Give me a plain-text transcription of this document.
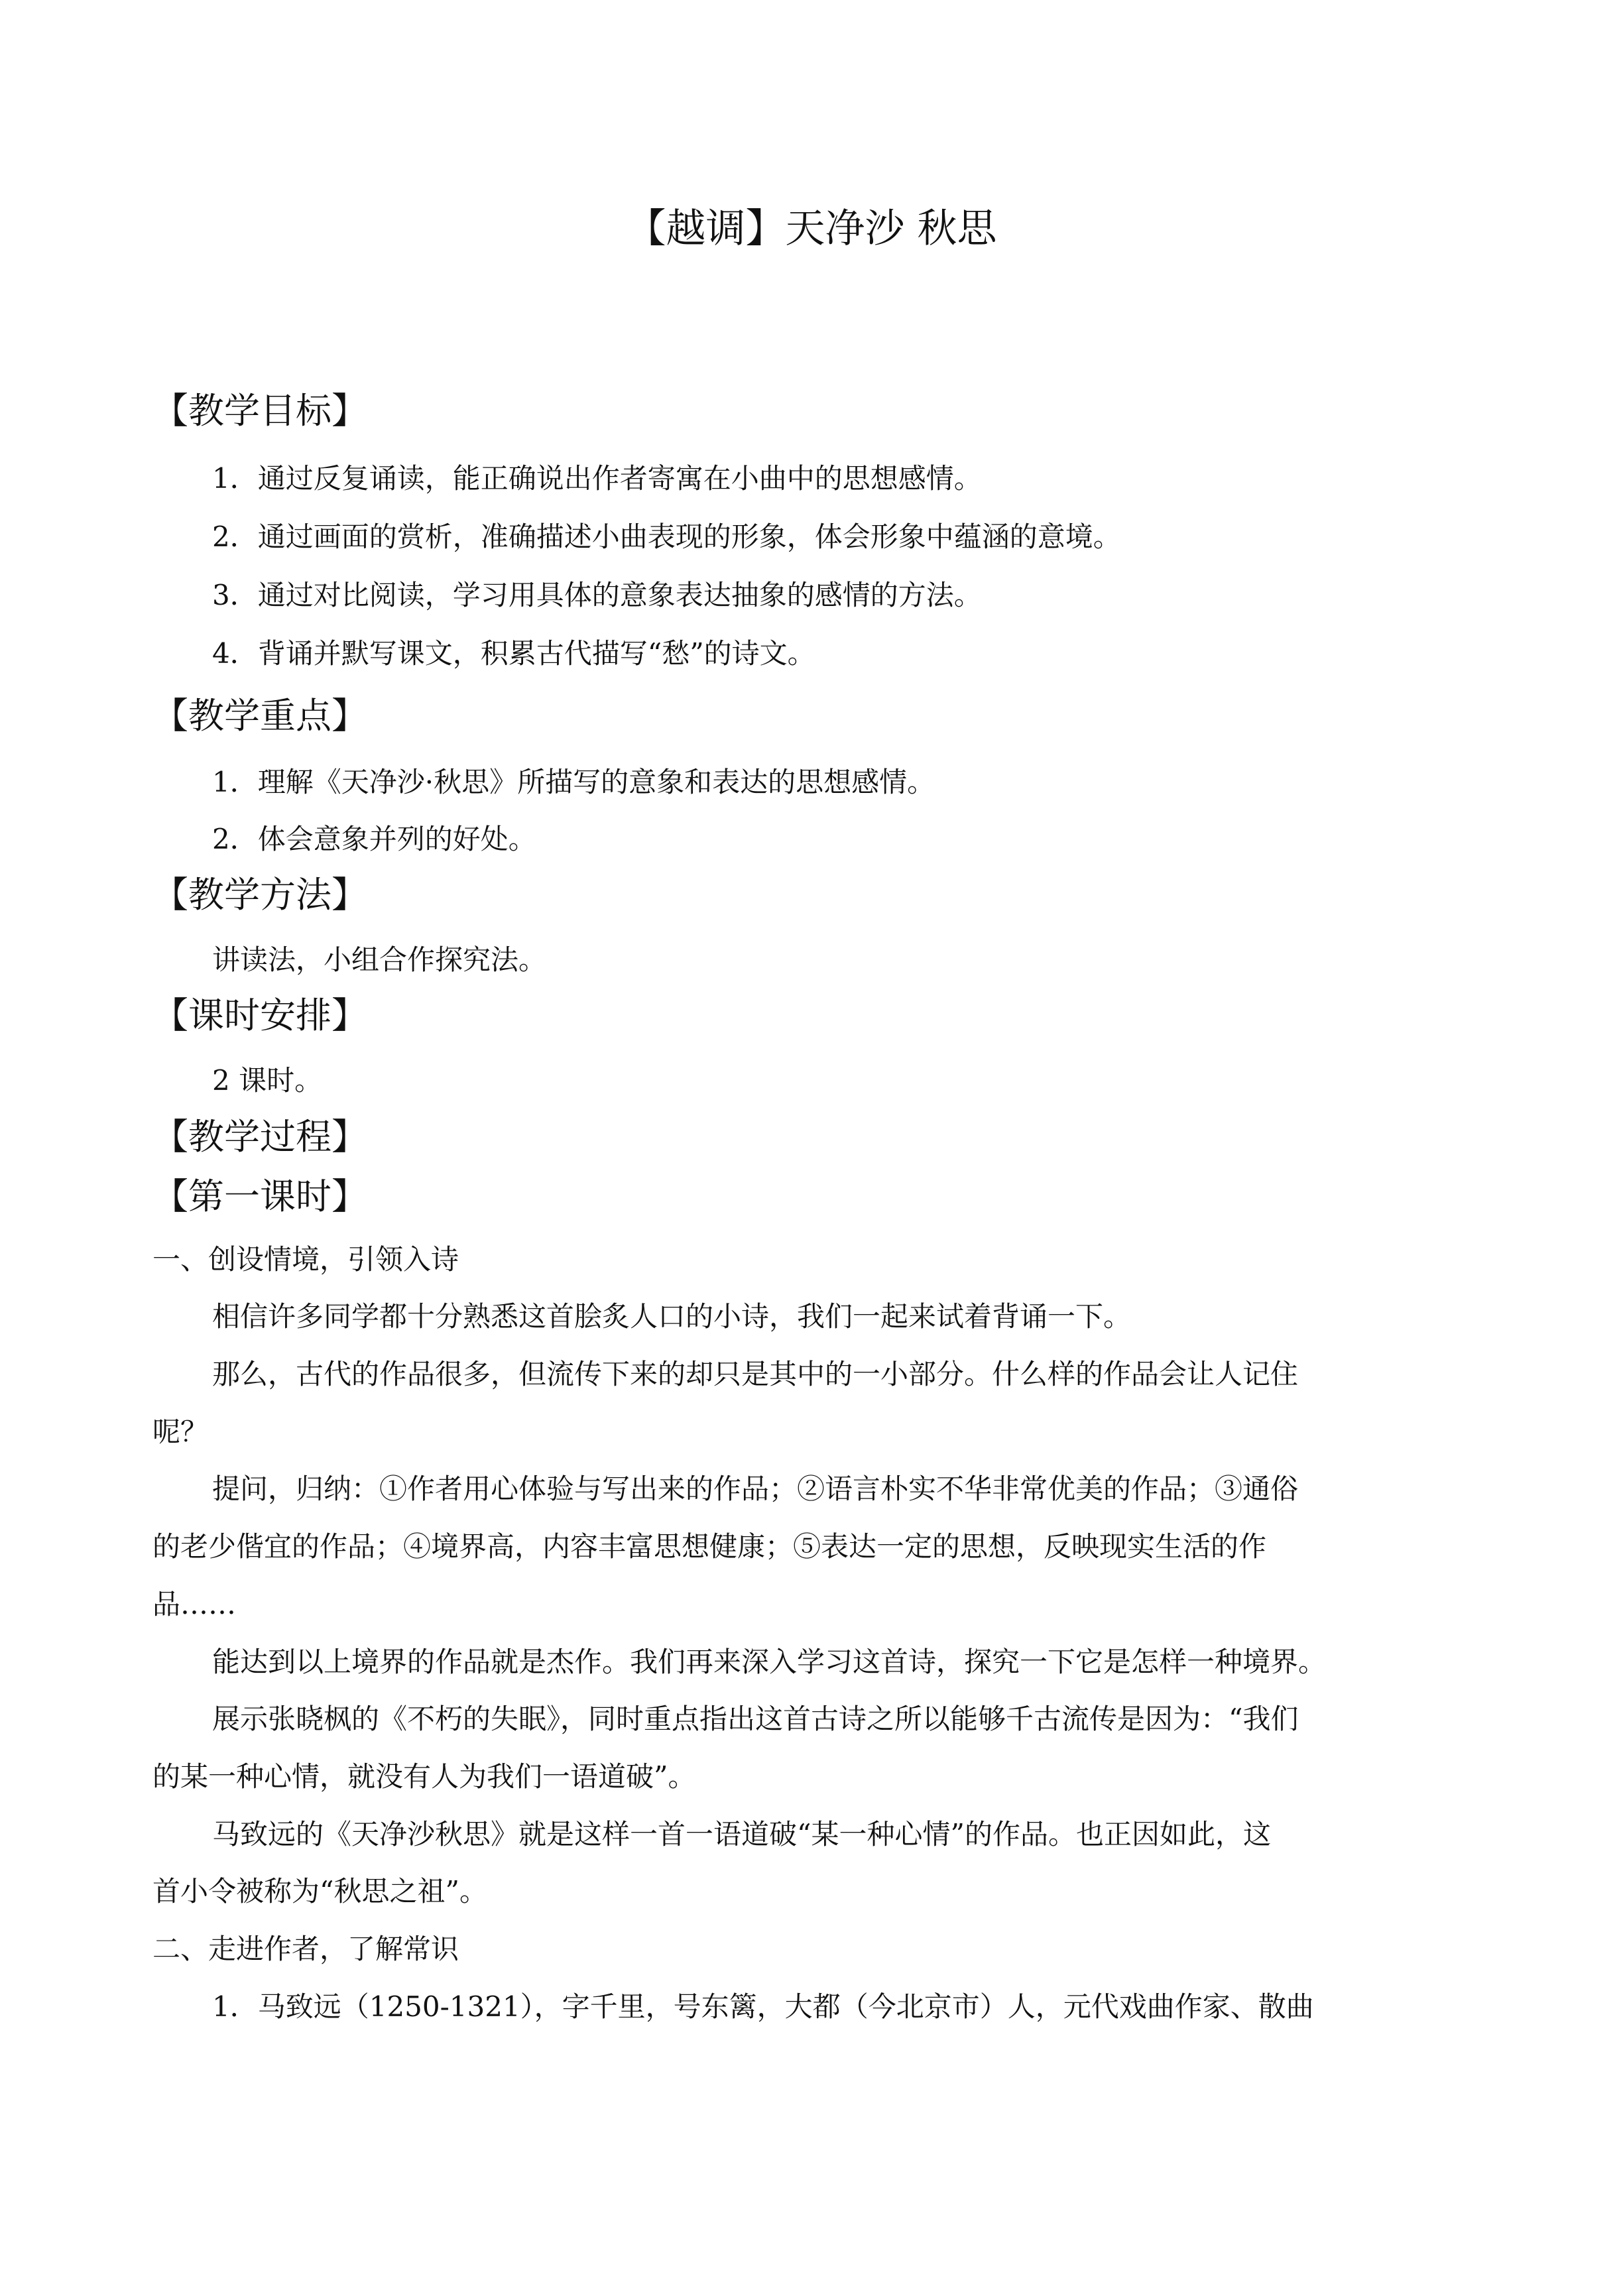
【越调】天净沙 秋思
【教学目标】
1．通过反复诵读，能正确说出作者寄寓在小曲中的思想感情。
2．通过画面的赏析，准确描述小曲表现的形象，体会形象中蕴涵的意境。
3．通过对比阅读，学习用具体的意象表达抽象的感情的方法。
4．背诵并默写课文，积累古代描写“愁”的诗文。
【教学重点】
1．理解《天净沙·秋思》所描写的意象和表达的思想感情。
2．体会意象并列的好处。
【教学方法】
讲读法，小组合作探究法。
【课时安排】
2 课时。
【教学过程】
【第一课时】
一、创设情境，引领入诗
相信许多同学都十分熟悉这首脍炙人口的小诗，我们一起来试着背诵一下。
那么，古代的作品很多，但流传下来的却只是其中的一小部分。什么样的作品会让人记住
呢？
提问，归纳：①作者用心体验与写出来的作品；②语言朴实不华非常优美的作品；③通俗
的老少偕宜的作品；④境界高，内容丰富思想健康；⑤表达一定的思想，反映现实生活的作
品……
能达到以上境界的作品就是杰作。我们再来深入学习这首诗，探究一下它是怎样一种境界。
展示张晓枫的《不朽的失眠》，同时重点指出这首古诗之所以能够千古流传是因为：“我们
的某一种心情，就没有人为我们一语道破”。
马致远的《天净沙秋思》就是这样一首一语道破“某一种心情”的作品。也正因如此，这
首小令被称为“秋思之祖”。
二、走进作者，了解常识
1．马致远（1250-1321），字千里，号东篱，大都（今北京市）人，元代戏曲作家、散曲
